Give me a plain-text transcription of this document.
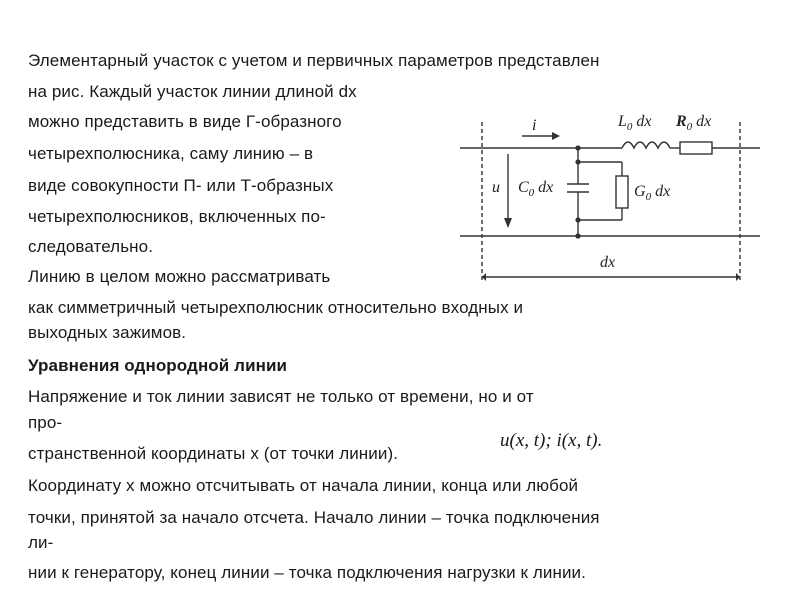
Элементарный участок с учетом и первичных параметров представлен
на рис. Каждый участок линии длиной dx
можно представить в виде Г-образного
четырехполюсника, саму линию – в
виде совокупности П- или Т-образных
четырехполюсников, включенных по-
следовательно.
Линию в целом можно рассматривать
как симметричный четырехполюсник относительно входных и
выходных зажимов.
Уравнения однородной линии
Напряжение и ток линии зависят не только от времени, но и от
про-
странственной координаты х (от точки линии).
Координату х можно отсчитывать от начала линии, конца или любой
точки, принятой за начало отсчета. Начало линии – точка подключения
ли-
нии к генератору, конец линии – точка подключения нагрузки к линии.
u(x, t); i(x, t).
i	$L_0$ dx $R_0$ dx
u $C_0$ dx	$G_0$ dx
dx
